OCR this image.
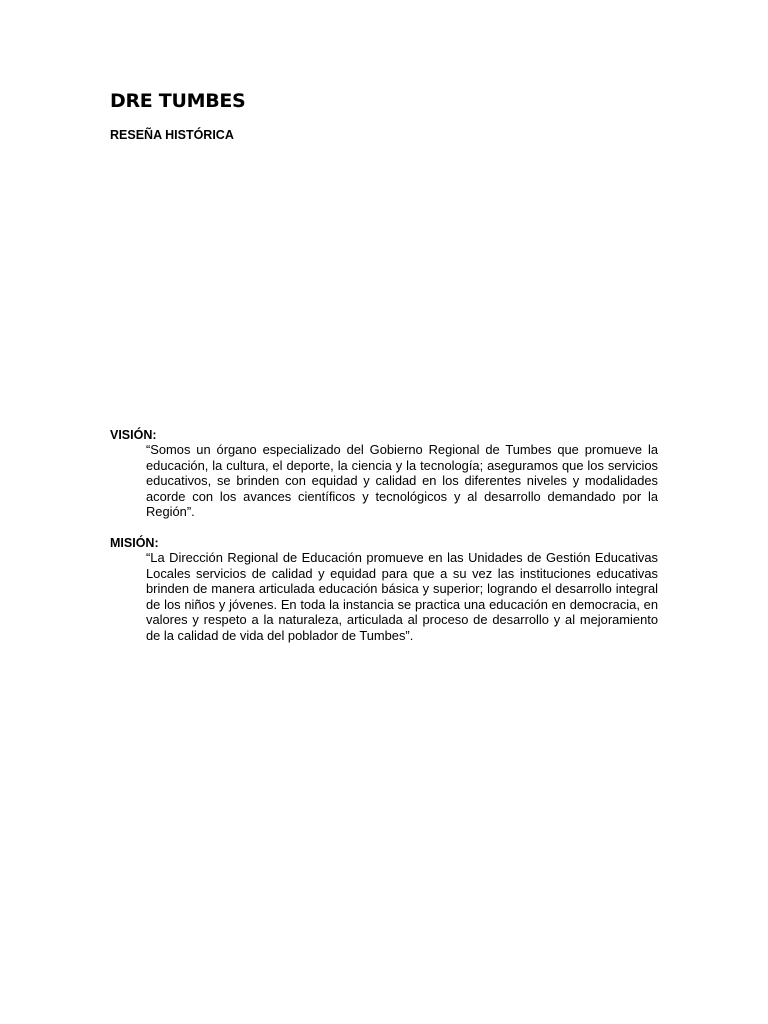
DRE TUMBES
RESEÑA HISTÓRICA
VISIÓN:

“Somos un órgano especializado del Gobierno Regional de Tumbes que promueve la educación, la cultura, el deporte, la ciencia y la tecnología; aseguramos que los servicios educativos, se brinden con equidad y calidad en los diferentes niveles y modalidades acorde con los avances científicos y tecnológicos y al desarrollo demandado por la Región”.

MISIÓN:

“La Dirección Regional de Educación promueve en las Unidades de Gestión Educativas Locales servicios de calidad y equidad para que a su vez las instituciones educativas brinden de manera articulada educación básica y superior; logrando el desarrollo integral de los niños y jóvenes. En toda la instancia se practica una educación en democracia, en valores y respeto a la naturaleza, articulada al proceso de desarrollo y al mejoramiento de la calidad de vida del poblador de Tumbes”.
